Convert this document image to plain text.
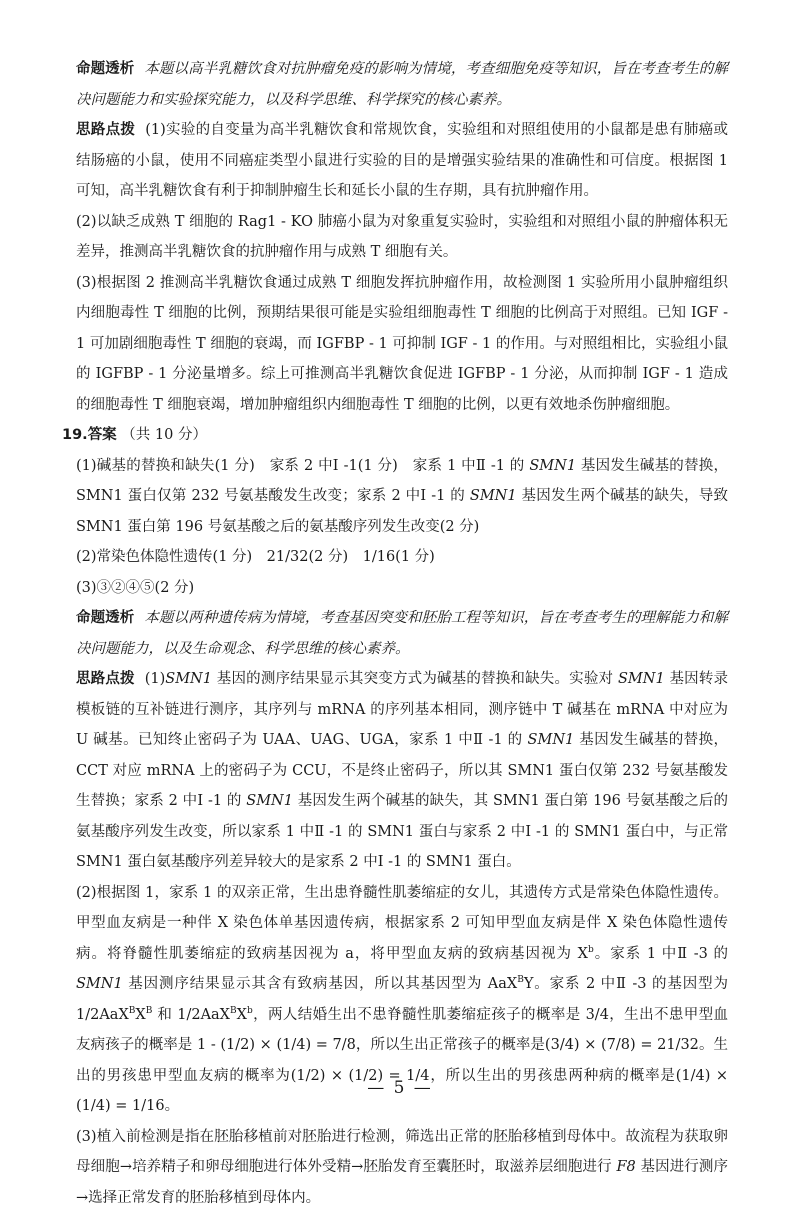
命题透析 本题以高半乳糖饮食对抗肿瘤免疫的影响为情境，考查细胞免疫等知识，旨在考查考生的解决问题能力和实验探究能力，以及科学思维、科学探究的核心素养。

思路点拨 (1)实验的自变量为高半乳糖饮食和常规饮食，实验组和对照组使用的小鼠都是患有肺癌或结肠癌的小鼠，使用不同癌症类型小鼠进行实验的目的是增强实验结果的准确性和可信度。根据图 1 可知，高半乳糖饮食有利于抑制肿瘤生长和延长小鼠的生存期，具有抗肿瘤作用。

(2)以缺乏成熟 T 细胞的 Rag1 - KO 肺癌小鼠为对象重复实验时，实验组和对照组小鼠的肿瘤体积无差异，推测高半乳糖饮食的抗肿瘤作用与成熟 T 细胞有关。

(3)根据图 2 推测高半乳糖饮食通过成熟 T 细胞发挥抗肿瘤作用，故检测图 1 实验所用小鼠肿瘤组织内细胞毒性 T 细胞的比例，预期结果很可能是实验组细胞毒性 T 细胞的比例高于对照组。已知 IGF - 1 可加剧细胞毒性 T 细胞的衰竭，而 IGFBP - 1 可抑制 IGF - 1 的作用。与对照组相比，实验组小鼠的 IGFBP - 1 分泌量增多。综上可推测高半乳糖饮食促进 IGFBP - 1 分泌，从而抑制 IGF - 1 造成的细胞毒性 T 细胞衰竭，增加肿瘤组织内细胞毒性 T 细胞的比例，以更有效地杀伤肿瘤细胞。

19.答案 （共 10 分）

(1)碱基的替换和缺失(1 分)　家系 2 中Ⅰ -1(1 分)　家系 1 中Ⅱ -1 的 SMN1 基因发生碱基的替换，SMN1 蛋白仅第 232 号氨基酸发生改变；家系 2 中Ⅰ -1 的 SMN1 基因发生两个碱基的缺失，导致 SMN1 蛋白第 196 号氨基酸之后的氨基酸序列发生改变(2 分)

(2)常染色体隐性遗传(1 分)　21/32(2 分)　1/16(1 分)

(3)③②④⑤(2 分)

命题透析 本题以两种遗传病为情境，考查基因突变和胚胎工程等知识，旨在考查考生的理解能力和解决问题能力，以及生命观念、科学思维的核心素养。

思路点拨 (1)SMN1 基因的测序结果显示其突变方式为碱基的替换和缺失。实验对 SMN1 基因转录模板链的互补链进行测序，其序列与 mRNA 的序列基本相同，测序链中 T 碱基在 mRNA 中对应为 U 碱基。已知终止密码子为 UAA、UAG、UGA，家系 1 中Ⅱ -1 的 SMN1 基因发生碱基的替换，CCT 对应 mRNA 上的密码子为 CCU，不是终止密码子，所以其 SMN1 蛋白仅第 232 号氨基酸发生替换；家系 2 中Ⅰ -1 的 SMN1 基因发生两个碱基的缺失，其 SMN1 蛋白第 196 号氨基酸之后的氨基酸序列发生改变，所以家系 1 中Ⅱ -1 的 SMN1 蛋白与家系 2 中Ⅰ -1 的 SMN1 蛋白中，与正常 SMN1 蛋白氨基酸序列差异较大的是家系 2 中Ⅰ -1 的 SMN1 蛋白。

(2)根据图 1，家系 1 的双亲正常，生出患脊髓性肌萎缩症的女儿，其遗传方式是常染色体隐性遗传。甲型血友病是一种伴 X 染色体单基因遗传病，根据家系 2 可知甲型血友病是伴 X 染色体隐性遗传病。将脊髓性肌萎缩症的致病基因视为 a，将甲型血友病的致病基因视为 $X^b$。家系 1 中Ⅱ -3 的SMN1 基因测序结果显示其含有致病基因，所以其基因型为 AaX$^B$Y。家系 2 中Ⅱ -3 的基因型为 $1/2AaX^BX^B$ 和 $1/2AaX^BX^b$，两人结婚生出不患脊髓性肌萎缩症孩子的概率是 3/4，生出不患甲型血友病孩子的概率是 1 - (1/2) × (1/4) = 7/8，所以生出正常孩子的概率是(3/4) × (7/8) = 21/32。生出的男孩患甲型血友病的概率为(1/2) × (1/2) = 1/4，所以生出的男孩患两种病的概率是(1/4) × (1/4) = 1/16。

(3)植入前检测是指在胚胎移植前对胚胎进行检测，筛选出正常的胚胎移植到母体中。故流程为获取卵母细胞→培养精子和卵母细胞进行体外受精→胚胎发育至囊胚时，取滋养层细胞进行 F8 基因进行测序→选择正常发育的胚胎移植到母体内。

— 5 —
